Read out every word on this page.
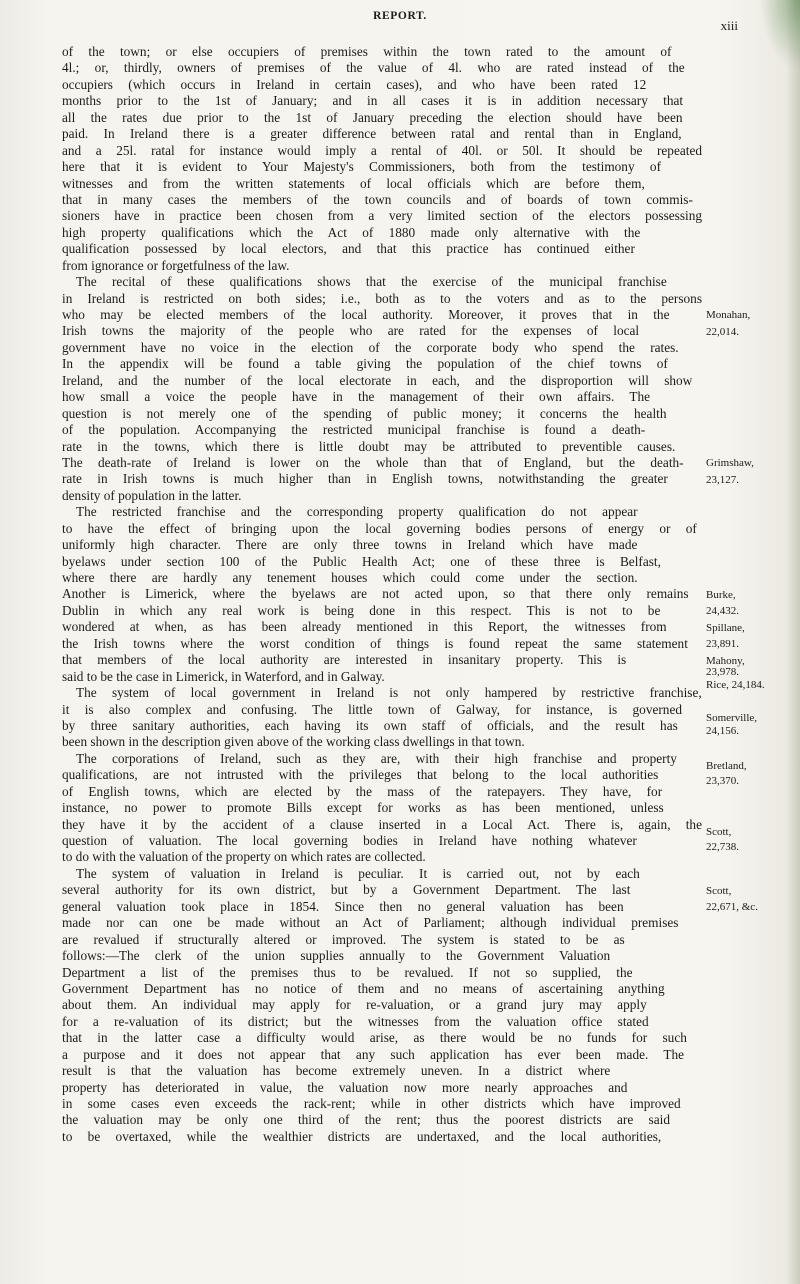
REPORT.
xiii
of the town; or else occupiers of premises within the town rated to the amount of
4l.; or, thirdly, owners of premises of the value of 4l. who are rated instead of the
occupiers (which occurs in Ireland in certain cases), and who have been rated 12
months prior to the 1st of January; and in all cases it is in addition necessary that
all the rates due prior to the 1st of January preceding the election should have been
paid. In Ireland there is a greater difference between ratal and rental than in England,
and a 25l. ratal for instance would imply a rental of 40l. or 50l. It should be repeated
here that it is evident to Your Majesty's Commissioners, both from the testimony of
witnesses and from the written statements of local officials which are before them,
that in many cases the members of the town councils and of boards of town commis-
sioners have in practice been chosen from a very limited section of the electors possessing
high property qualifications which the Act of 1880 made only alternative with the
qualification possessed by local electors, and that this practice has continued either
from ignorance or forgetfulness of the law.
The recital of these qualifications shows that the exercise of the municipal franchise
in Ireland is restricted on both sides; i.e., both as to the voters and as to the persons
who may be elected members of the local authority. Moreover, it proves that in the
Irish towns the majority of the people who are rated for the expenses of local
government have no voice in the election of the corporate body who spend the rates.
In the appendix will be found a table giving the population of the chief towns of
Ireland, and the number of the local electorate in each, and the disproportion will show
how small a voice the people have in the management of their own affairs. The
question is not merely one of the spending of public money; it concerns the health
of the population. Accompanying the restricted municipal franchise is found a death-
rate in the towns, which there is little doubt may be attributed to preventible causes.
The death-rate of Ireland is lower on the whole than that of England, but the death-
rate in Irish towns is much higher than in English towns, notwithstanding the greater
density of population in the latter.
The restricted franchise and the corresponding property qualification do not appear
to have the effect of bringing upon the local governing bodies persons of energy or of
uniformly high character. There are only three towns in Ireland which have made
byelaws under section 100 of the Public Health Act; one of these three is Belfast,
where there are hardly any tenement houses which could come under the section.
Another is Limerick, where the byelaws are not acted upon, so that there only remains
Dublin in which any real work is being done in this respect. This is not to be
wondered at when, as has been already mentioned in this Report, the witnesses from
the Irish towns where the worst condition of things is found repeat the same statement
that members of the local authority are interested in insanitary property. This is
said to be the case in Limerick, in Waterford, and in Galway.
The system of local government in Ireland is not only hampered by restrictive franchise,
it is also complex and confusing. The little town of Galway, for instance, is governed
by three sanitary authorities, each having its own staff of officials, and the result has
been shown in the description given above of the working class dwellings in that town.
The corporations of Ireland, such as they are, with their high franchise and property
qualifications, are not intrusted with the privileges that belong to the local authorities
of English towns, which are elected by the mass of the ratepayers. They have, for
instance, no power to promote Bills except for works as has been mentioned, unless
they have it by the accident of a clause inserted in a Local Act. There is, again, the
question of valuation. The local governing bodies in Ireland have nothing whatever
to do with the valuation of the property on which rates are collected.
The system of valuation in Ireland is peculiar. It is carried out, not by each
several authority for its own district, but by a Government Department. The last
general valuation took place in 1854. Since then no general valuation has been
made nor can one be made without an Act of Parliament; although individual premises
are revalued if structurally altered or improved. The system is stated to be as
follows:—The clerk of the union supplies annually to the Government Valuation
Department a list of the premises thus to be revalued. If not so supplied, the
Government Department has no notice of them and no means of ascertaining anything
about them. An individual may apply for re-valuation, or a grand jury may apply
for a re-valuation of its district; but the witnesses from the valuation office stated
that in the latter case a difficulty would arise, as there would be no funds for such
a purpose and it does not appear that any such application has ever been made. The
result is that the valuation has become extremely uneven. In a district where
property has deteriorated in value, the valuation now more nearly approaches and
in some cases even exceeds the rack-rent; while in other districts which have improved
the valuation may be only one third of the rent; thus the poorest districts are said
to be overtaxed, while the wealthier districts are undertaxed, and the local authorities,
Monahan,
22,014.
Grimshaw,
23,127.
Burke,
24,432.
Spillane,
23,891.
Mahony,
23,978.
Rice, 24,184.
Somerville,
24,156.
Bretland,
23,370.
Scott,
22,738.
Scott,
22,671, &c.
